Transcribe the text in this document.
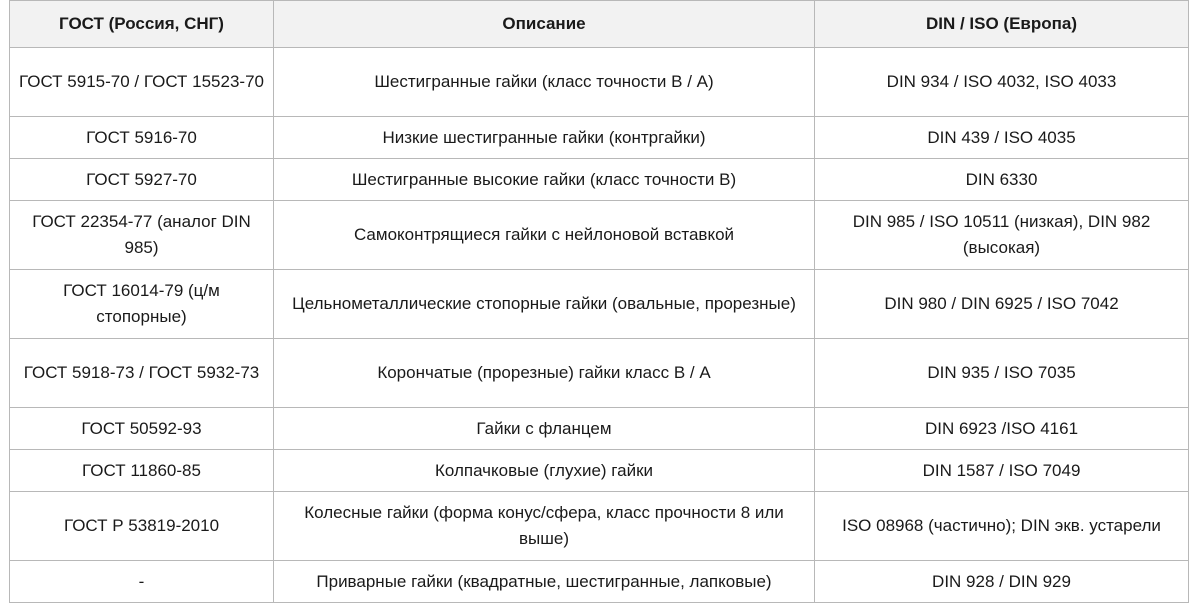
ГОСТ (Россия, СНГ)	Описание	DIN / ISO (Европа)
ГОСТ 5915-70 / ГОСТ 15523-70	Шестигранные гайки (класс точности В / А)	DIN 934 / ISO 4032, ISO 4033
ГОСТ 5916-70	Низкие шестигранные гайки (контргайки)	DIN 439 / ISO 4035
ГОСТ 5927-70	Шестигранные высокие гайки (класс точности В)	DIN 6330
ГОСТ 22354-77 (аналог DIN 985)	Самоконтрящиеся гайки с нейлоновой вставкой	DIN 985 / ISO 10511 (низкая), DIN 982 (высокая)
ГОСТ 16014-79 (ц/м стопорные)	Цельнометаллические стопорные гайки (овальные, прорезные)	DIN 980 / DIN 6925 / ISO 7042
ГОСТ 5918-73 / ГОСТ 5932-73	Корончатые (прорезные) гайки класс В / А	DIN 935 / ISO 7035
ГОСТ 50592-93	Гайки с фланцем	DIN 6923 /ISO 4161
ГОСТ 11860-85	Колпачковые (глухие) гайки	DIN 1587 / ISO 7049
ГОСТ Р 53819-2010	Колесные гайки (форма конус/сфера, класс прочности 8 или выше)	ISO 08968 (частично); DIN экв. устарели
-	Приварные гайки (квадратные, шестигранные, лапковые)	DIN 928 / DIN 929
